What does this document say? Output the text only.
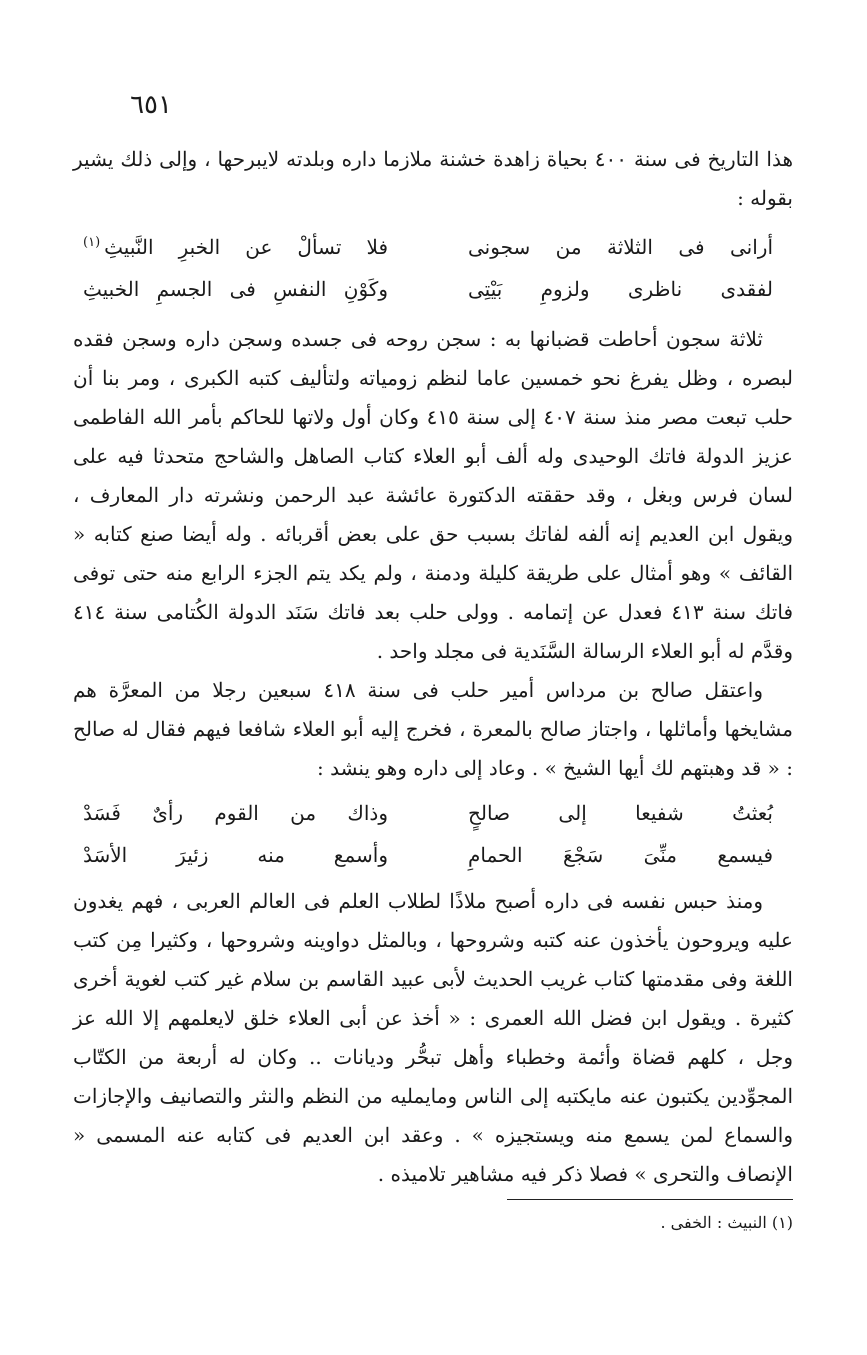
٦٥١

هذا التاريخ فى سنة ٤٠٠ بحياة زاهدة خشنة ملازما داره وبلدته لايبرحها ، وإلى ذلك يشير بقوله :

أرانى فى الثلاثة من سجونى
فلا تسألْ عن الخبرِ النَّبيثِ$^{(١)}$
لفقدى ناظرى ولزومِ بَيْتِى
وكَوْنِ النفسِ فى الجسمِ الخبيثِ

ثلاثة سجون أحاطت قضبانها به : سجن روحه فى جسده وسجن داره وسجن فقده لبصره ، وظل يفرغ نحو خمسين عاما لنظم زومياته ولتأليف كتبه الكبرى ، ومر بنا أن حلب تبعت مصر منذ سنة ٤٠٧ إلى سنة ٤١٥ وكان أول ولاتها للحاكم بأمر الله الفاطمى عزيز الدولة فاتك الوحيدى وله ألف أبو العلاء كتاب الصاهل والشاحج متحدثا فيه على لسان فرس وبغل ، وقد حققته الدكتورة عائشة عبد الرحمن ونشرته دار المعارف ، ويقول ابن العديم إنه ألفه لفاتك بسبب حق على بعض أقربائه . وله أيضا صنع كتابه « القائف » وهو أمثال على طريقة كليلة ودمنة ، ولم يكد يتم الجزء الرابع منه حتى توفى فاتك سنة ٤١٣ فعدل عن إتمامه . وولى حلب بعد فاتك سَنَد الدولة الكُتامى سنة ٤١٤ وقدَّم له أبو العلاء الرسالة السَّنَدية فى مجلد واحد .

واعتقل صالح بن مرداس أمير حلب فى سنة ٤١٨ سبعين رجلا من المعرَّة هم مشايخها وأماثلها ، واجتاز صالح بالمعرة ، فخرج إليه أبو العلاء شافعا فيهم فقال له صالح : « قد وهبتهم لك أيها الشيخ » . وعاد إلى داره وهو ينشد :

بُعثتُ شفيعا إلى صالحٍ
وذاك من القوم رأىٌ فَسَدْ
فيسمع منِّىَ سَجْعَ الحمامِ
وأسمع منه زئيرَ الأسَدْ

ومنذ حبس نفسه فى داره أصبح ملاذًا لطلاب العلم فى العالم العربى ، فهم يغدون عليه ويروحون يأخذون عنه كتبه وشروحها ، وبالمثل دواوينه وشروحها ، وكثيرا مِن كتب اللغة وفى مقدمتها كتاب غريب الحديث لأبى عبيد القاسم بن سلام غير كتب لغوية أخرى كثيرة . ويقول ابن فضل الله العمرى : « أخذ عن أبى العلاء خلق لايعلمهم إلا الله عز وجل ، كلهم قضاة وأئمة وخطباء وأهل تبحُّر وديانات .. وكان له أربعة من الكتّاب المجوِّدين يكتبون عنه مايكتبه إلى الناس ومايمليه من النظم والنثر والتصانيف والإجازات والسماع لمن يسمع منه ويستجيزه » . وعقد ابن العديم فى كتابه عنه المسمى « الإنصاف والتحرى » فصلا ذكر فيه مشاهير تلاميذه .

(١) النبيث : الخفى .
